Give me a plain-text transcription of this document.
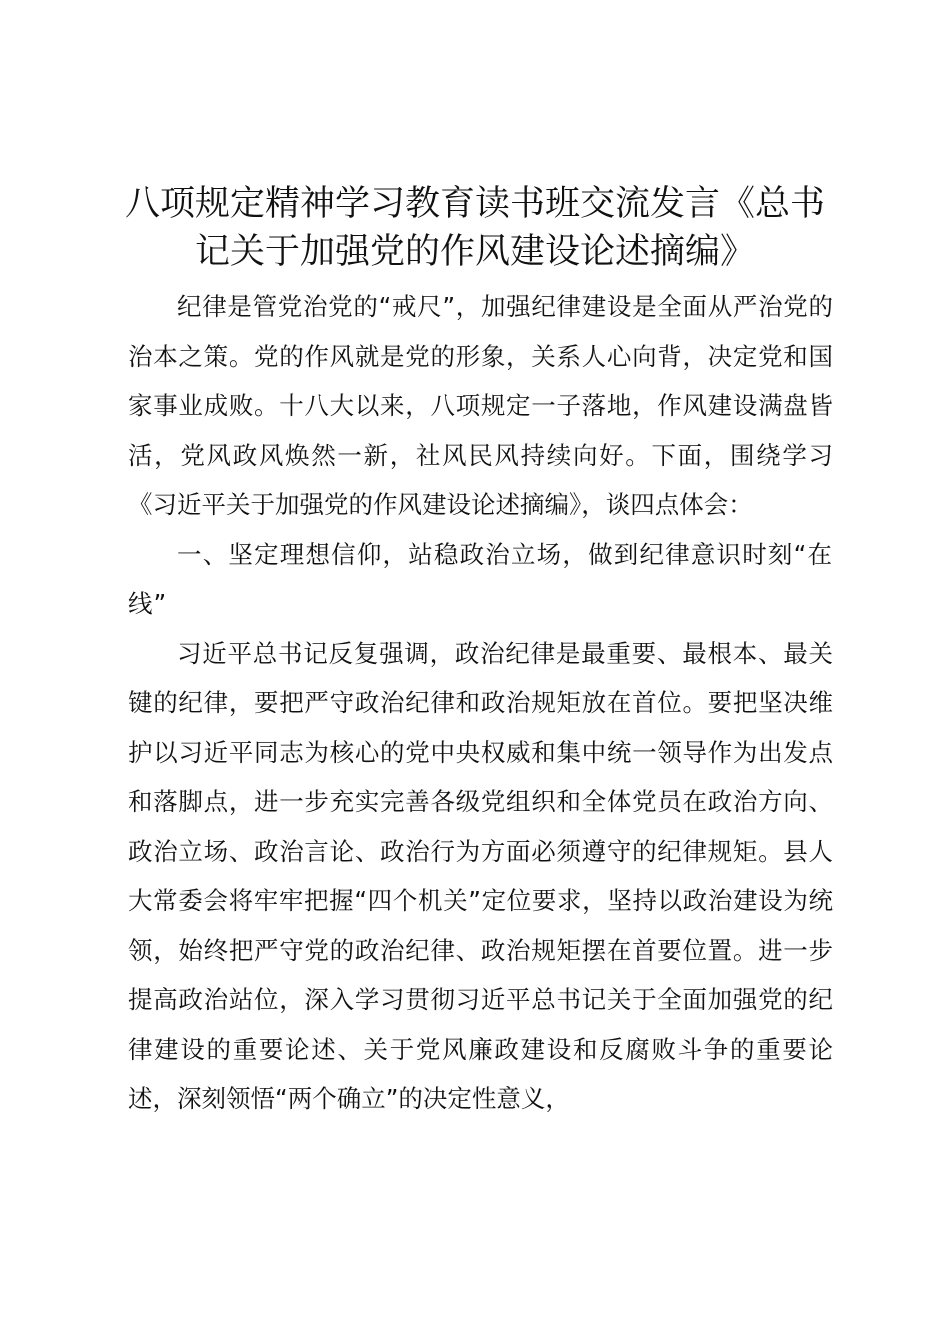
八项规定精神学习教育读书班交流发言《总书记关于加强党的作风建设论述摘编》

纪律是管党治党的“戒尺”，加强纪律建设是全面从严治党的治本之策。党的作风就是党的形象，关系人心向背，决定党和国家事业成败。十八大以来，八项规定一子落地，作风建设满盘皆活，党风政风焕然一新，社风民风持续向好。下面，围绕学习《习近平关于加强党的作风建设论述摘编》，谈四点体会：

一、坚定理想信仰，站稳政治立场，做到纪律意识时刻“在线”

习近平总书记反复强调，政治纪律是最重要、最根本、最关键的纪律，要把严守政治纪律和政治规矩放在首位。要把坚决维护以习近平同志为核心的党中央权威和集中统一领导作为出发点和落脚点，进一步充实完善各级党组织和全体党员在政治方向、政治立场、政治言论、政治行为方面必须遵守的纪律规矩。县人大常委会将牢牢把握“四个机关”定位要求，坚持以政治建设为统领，始终把严守党的政治纪律、政治规矩摆在首要位置。进一步提高政治站位，深入学习贯彻习近平总书记关于全面加强党的纪律建设的重要论述、关于党风廉政建设和反腐败斗争的重要论述，深刻领悟“两个确立”的决定性意义，
